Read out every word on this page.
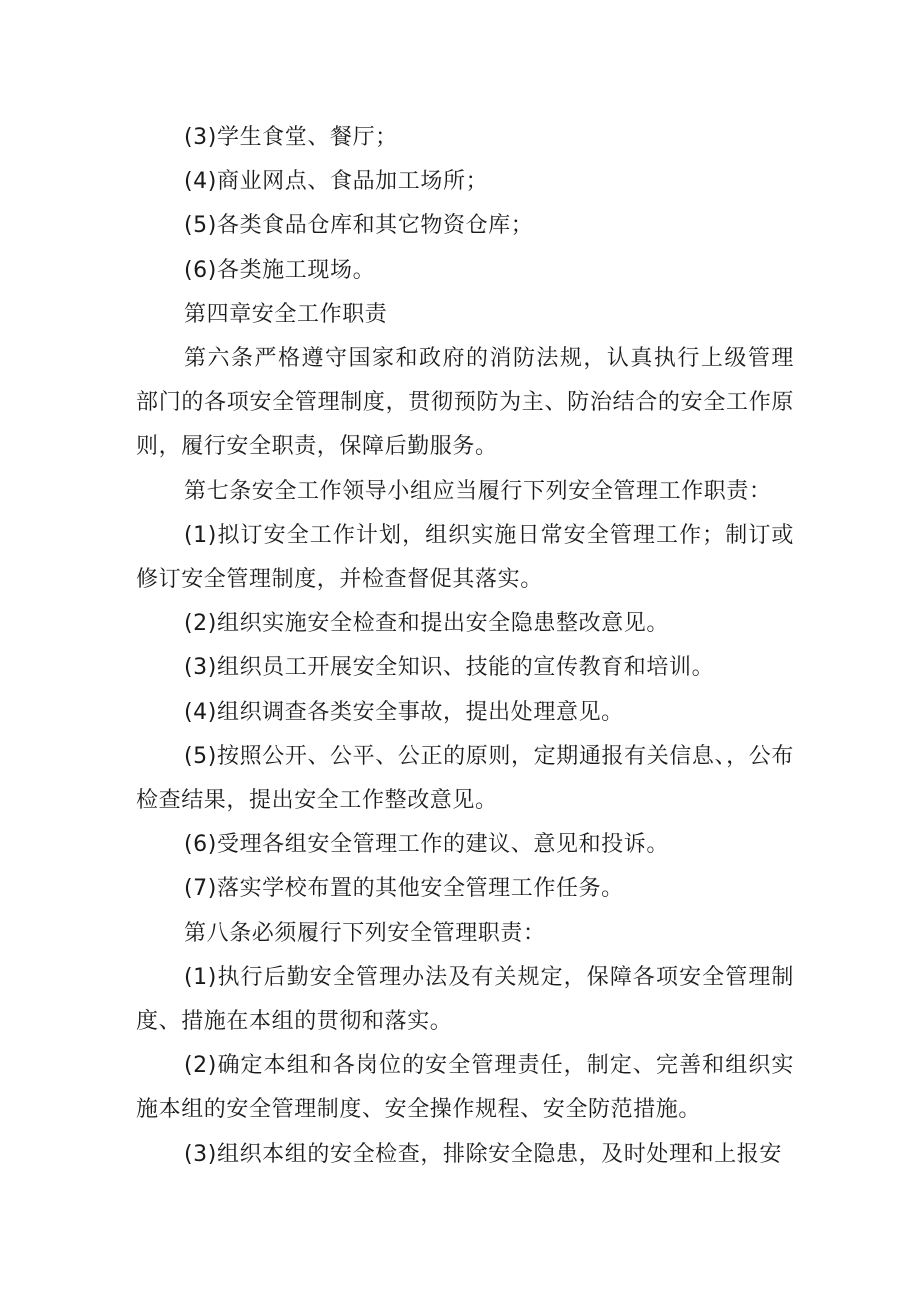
(3)学生食堂、餐厅；

(4)商业网点、食品加工场所；

(5)各类食品仓库和其它物资仓库；

(6)各类施工现场。

第四章安全工作职责

第六条严格遵守国家和政府的消防法规，认真执行上级管理部门的各项安全管理制度，贯彻预防为主、防治结合的安全工作原则，履行安全职责，保障后勤服务。

第七条安全工作领导小组应当履行下列安全管理工作职责：

(1)拟订安全工作计划，组织实施日常安全管理工作；制订或修订安全管理制度，并检查督促其落实。

(2)组织实施安全检查和提出安全隐患整改意见。

(3)组织员工开展安全知识、技能的宣传教育和培训。

(4)组织调查各类安全事故，提出处理意见。

(5)按照公开、公平、公正的原则，定期通报有关信息、，公布检查结果，提出安全工作整改意见。

(6)受理各组安全管理工作的建议、意见和投诉。

(7)落实学校布置的其他安全管理工作任务。

第八条必须履行下列安全管理职责：

(1)执行后勤安全管理办法及有关规定，保障各项安全管理制度、措施在本组的贯彻和落实。

(2)确定本组和各岗位的安全管理责任，制定、完善和组织实施本组的安全管理制度、安全操作规程、安全防范措施。

(3)组织本组的安全检查，排除安全隐患，及时处理和上报安
